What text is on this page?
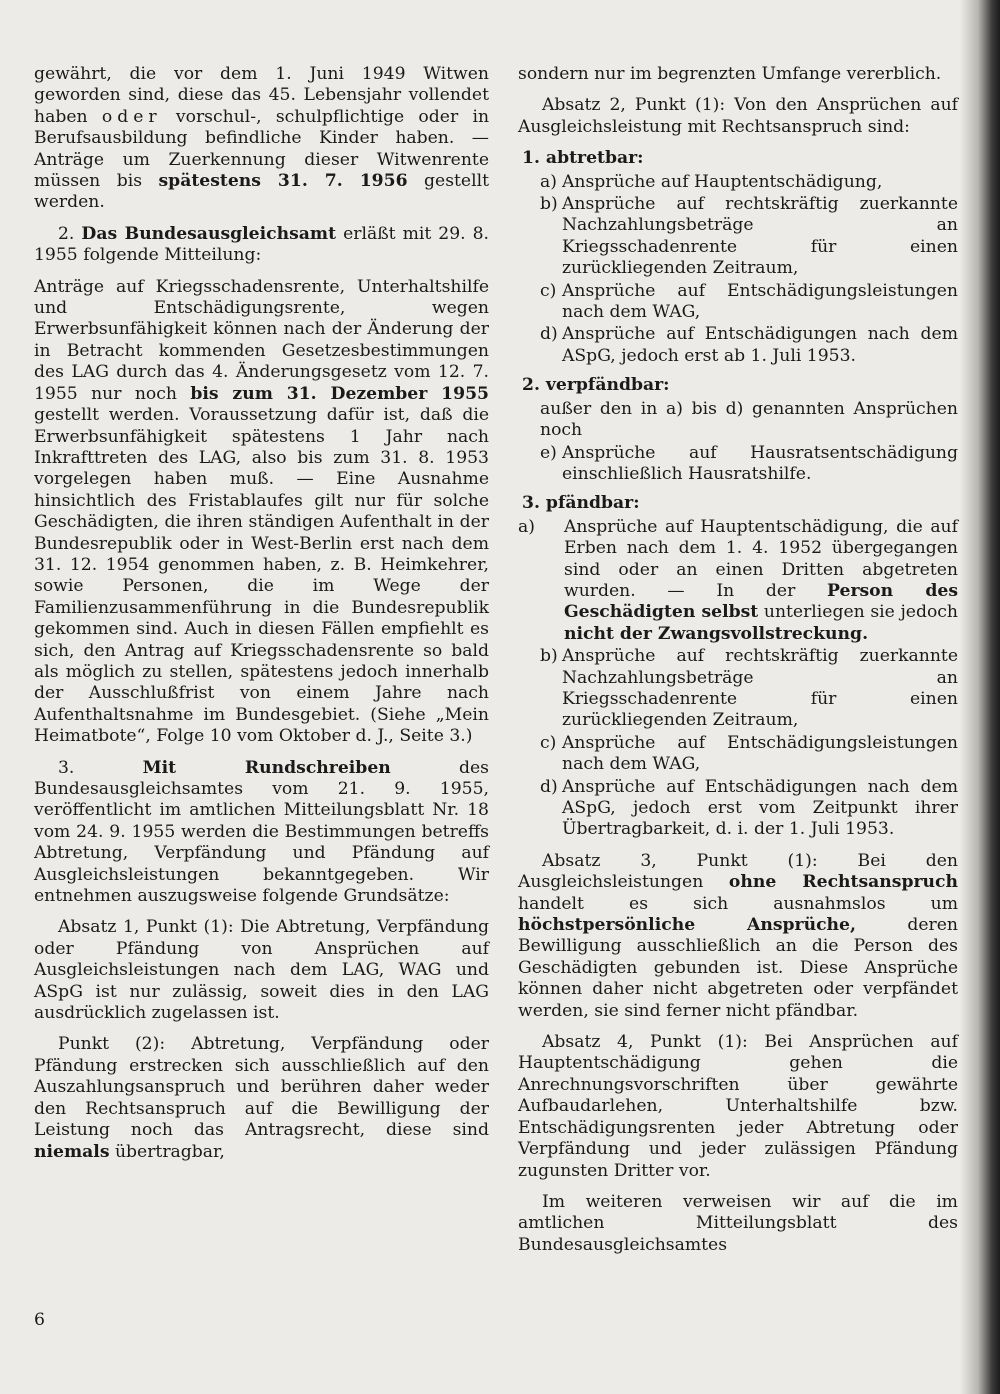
gewährt, die vor dem 1. Juni 1949 Witwen geworden sind, diese das 45. Lebensjahr vollendet haben oder vorschul-, schulpflichtige oder in Berufsausbildung befindliche Kinder haben. — Anträge um Zuerkennung dieser Witwenrente müssen bis spätestens 31. 7. 1956 gestellt werden.

2. Das Bundesausgleichsamt erläßt mit 29. 8. 1955 folgende Mitteilung:

Anträge auf Kriegsschadensrente, Unterhaltshilfe und Entschädigungsrente, wegen Erwerbsunfähigkeit können nach der Änderung der in Betracht kommenden Gesetzesbestimmungen des LAG durch das 4. Änderungsgesetz vom 12. 7. 1955 nur noch bis zum 31. Dezember 1955 gestellt werden. Voraussetzung dafür ist, daß die Erwerbsunfähigkeit spätestens 1 Jahr nach Inkrafttreten des LAG, also bis zum 31. 8. 1953 vorgelegen haben muß. — Eine Ausnahme hinsichtlich des Fristablaufes gilt nur für solche Geschädigten, die ihren ständigen Aufenthalt in der Bundesrepublik oder in West-Berlin erst nach dem 31. 12. 1954 genommen haben, z. B. Heimkehrer, sowie Personen, die im Wege der Familienzusammenführung in die Bundesrepublik gekommen sind. Auch in diesen Fällen empfiehlt es sich, den Antrag auf Kriegsschadensrente so bald als möglich zu stellen, spätestens jedoch innerhalb der Ausschlußfrist von einem Jahre nach Aufenthaltsnahme im Bundesgebiet. (Siehe „Mein Heimatbote“, Folge 10 vom Oktober d. J., Seite 3.)

3.	Mit Rundschreiben	des Bundesausgleichsamtes vom 21. 9. 1955, veröffentlicht im amtlichen Mitteilungsblatt Nr. 18 vom 24. 9. 1955 werden die Bestimmungen betreffs Abtretung, Verpfändung und Pfändung auf Ausgleichsleistungen bekanntgegeben. Wir entnehmen auszugsweise folgende Grundsätze:

Absatz 1, Punkt (1): Die Abtretung, Verpfändung oder Pfändung von Ansprüchen auf Ausgleichsleistungen nach dem LAG, WAG und ASpG ist nur zulässig, soweit dies in den LAG ausdrücklich zugelassen ist.

Punkt (2): Abtretung, Verpfändung oder Pfändung erstrecken sich ausschließlich auf den Auszahlungsanspruch und berühren daher weder den Rechtsanspruch auf die Bewilligung der Leistung noch das Antragsrecht, diese sind niemals übertragbar,

sondern nur im begrenzten Umfange vererblich.

Absatz 2, Punkt (1): Von den Ansprüchen auf Ausgleichsleistung mit Rechtsanspruch sind:

1. abtretbar:
a) Ansprüche auf Hauptentschädigung,
b) Ansprüche auf rechtskräftig zuerkannte Nachzahlungsbeträge an Kriegsschadenrente für einen zurückliegenden Zeitraum,
c) Ansprüche auf Entschädigungsleistungen nach dem WAG,
d) Ansprüche auf Entschädigungen nach dem ASpG, jedoch erst ab 1. Juli 1953.
2. verpfändbar:
außer den in a) bis d) genannten Ansprüchen noch
e) Ansprüche auf Hausratsentschädigung einschließlich Hausratshilfe.
3. pfändbar:
a) Ansprüche auf Hauptentschädigung, die auf Erben nach dem 1. 4. 1952 übergegangen sind oder an einen Dritten abgetreten wurden. — In der Person des Geschädigten selbst unterliegen sie jedoch nicht der Zwangsvollstreckung.
b) Ansprüche auf rechtskräftig zuerkannte Nachzahlungsbeträge an Kriegsschadenrente für einen zurückliegenden Zeitraum,
c) Ansprüche auf Entschädigungsleistungen nach dem WAG,
d) Ansprüche auf Entschädigungen nach dem ASpG, jedoch erst vom Zeitpunkt ihrer Übertragbarkeit, d. i. der 1. Juli 1953.

Absatz 3, Punkt (1): Bei den Ausgleichsleistungen ohne Rechtsanspruch handelt es sich ausnahmslos um höchstpersönliche Ansprüche,	deren Bewilligung ausschließlich an die Person des Geschädigten gebunden ist. Diese Ansprüche können daher nicht abgetreten oder verpfändet werden, sie sind ferner nicht pfändbar.

Absatz 4, Punkt (1): Bei Ansprüchen auf Hauptentschädigung gehen die Anrechnungsvorschriften über gewährte Aufbaudarlehen, Unterhaltshilfe bzw. Entschädigungsrenten jeder Abtretung oder Verpfändung und jeder zulässigen Pfändung zugunsten Dritter vor.

Im weiteren verweisen wir auf die im amtlichen Mitteilungsblatt des Bundesausgleichsamtes

6
